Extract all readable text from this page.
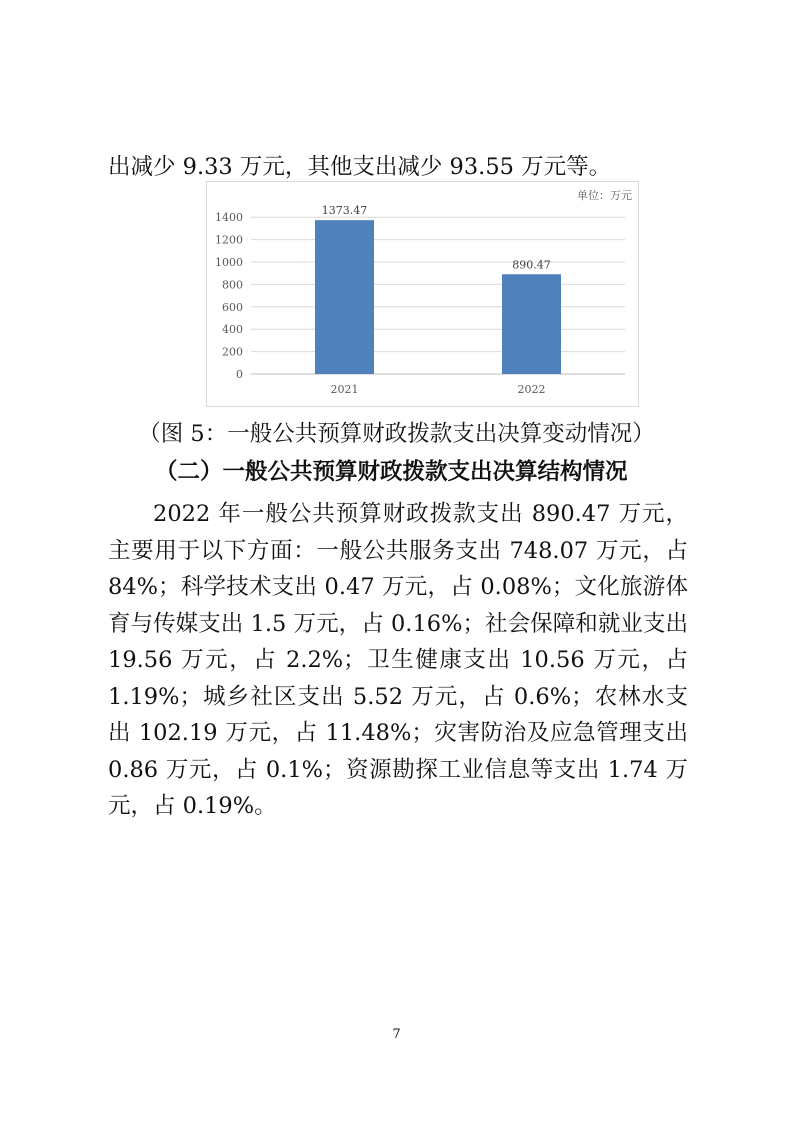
出减少 9.33 万元，其他支出减少 93.55 万元等。

单位：万元
0
200
400
600
800
1000
1200
1400
1373.47
890.47
2021	2022

（图 5：一般公共预算财政拨款支出决算变动情况）

（二）一般公共预算财政拨款支出决算结构情况

2022 年一般公共预算财政拨款支出 890.47 万元，主要用于以下方面：一般公共服务支出 748.07 万元，占 84%；科学技术支出 0.47 万元，占 0.08%；文化旅游体育与传媒支出 1.5 万元，占 0.16%；社会保障和就业支出 19.56 万元，占 2.2%；卫生健康支出 10.56 万元，占 1.19%；城乡社区支出 5.52 万元，占 0.6%；农林水支出 102.19 万元，占 11.48%；灾害防治及应急管理支出 0.86 万元，占 0.1%；资源勘探工业信息等支出 1.74 万元，占 0.19%。

7
